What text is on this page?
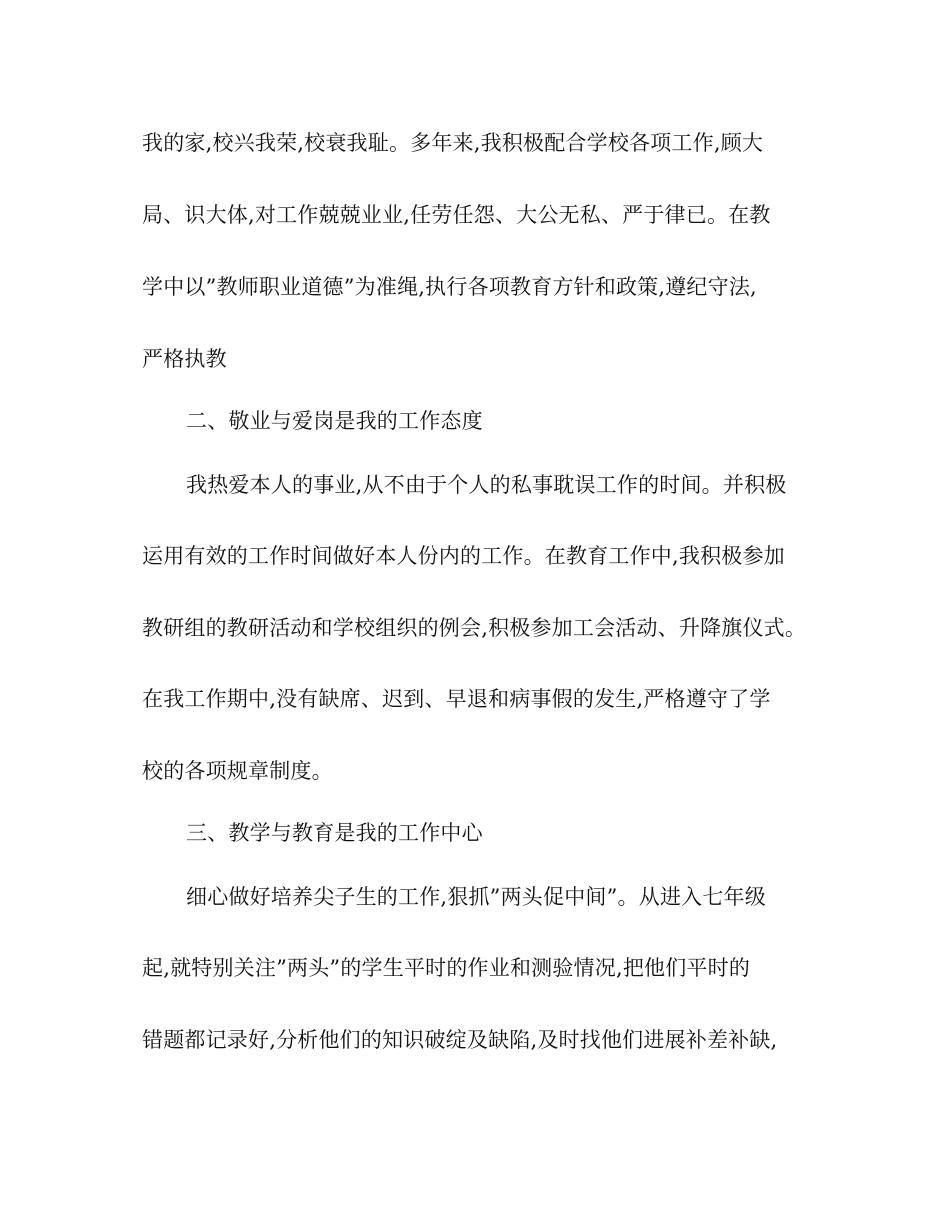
我的家,校兴我荣,校衰我耻。多年来,我积极配合学校各项工作,顾大
局、识大体,对工作兢兢业业,任劳任怨、大公无私、严于律已。在教
学中以”教师职业道德”为准绳,执行各项教育方针和政策,遵纪守法,
严格执教
二、敬业与爱岗是我的工作态度
我热爱本人的事业,从不由于个人的私事耽误工作的时间。并积极
运用有效的工作时间做好本人份内的工作。在教育工作中,我积极参加
教研组的教研活动和学校组织的例会,积极参加工会活动、升降旗仪式。
在我工作期中,没有缺席、迟到、早退和病事假的发生,严格遵守了学
校的各项规章制度。
三、教学与教育是我的工作中心
细心做好培养尖子生的工作,狠抓”两头促中间”。从进入七年级
起,就特别关注”两头”的学生平时的作业和测验情况,把他们平时的
错题都记录好,分析他们的知识破绽及缺陷,及时找他们进展补差补缺,
